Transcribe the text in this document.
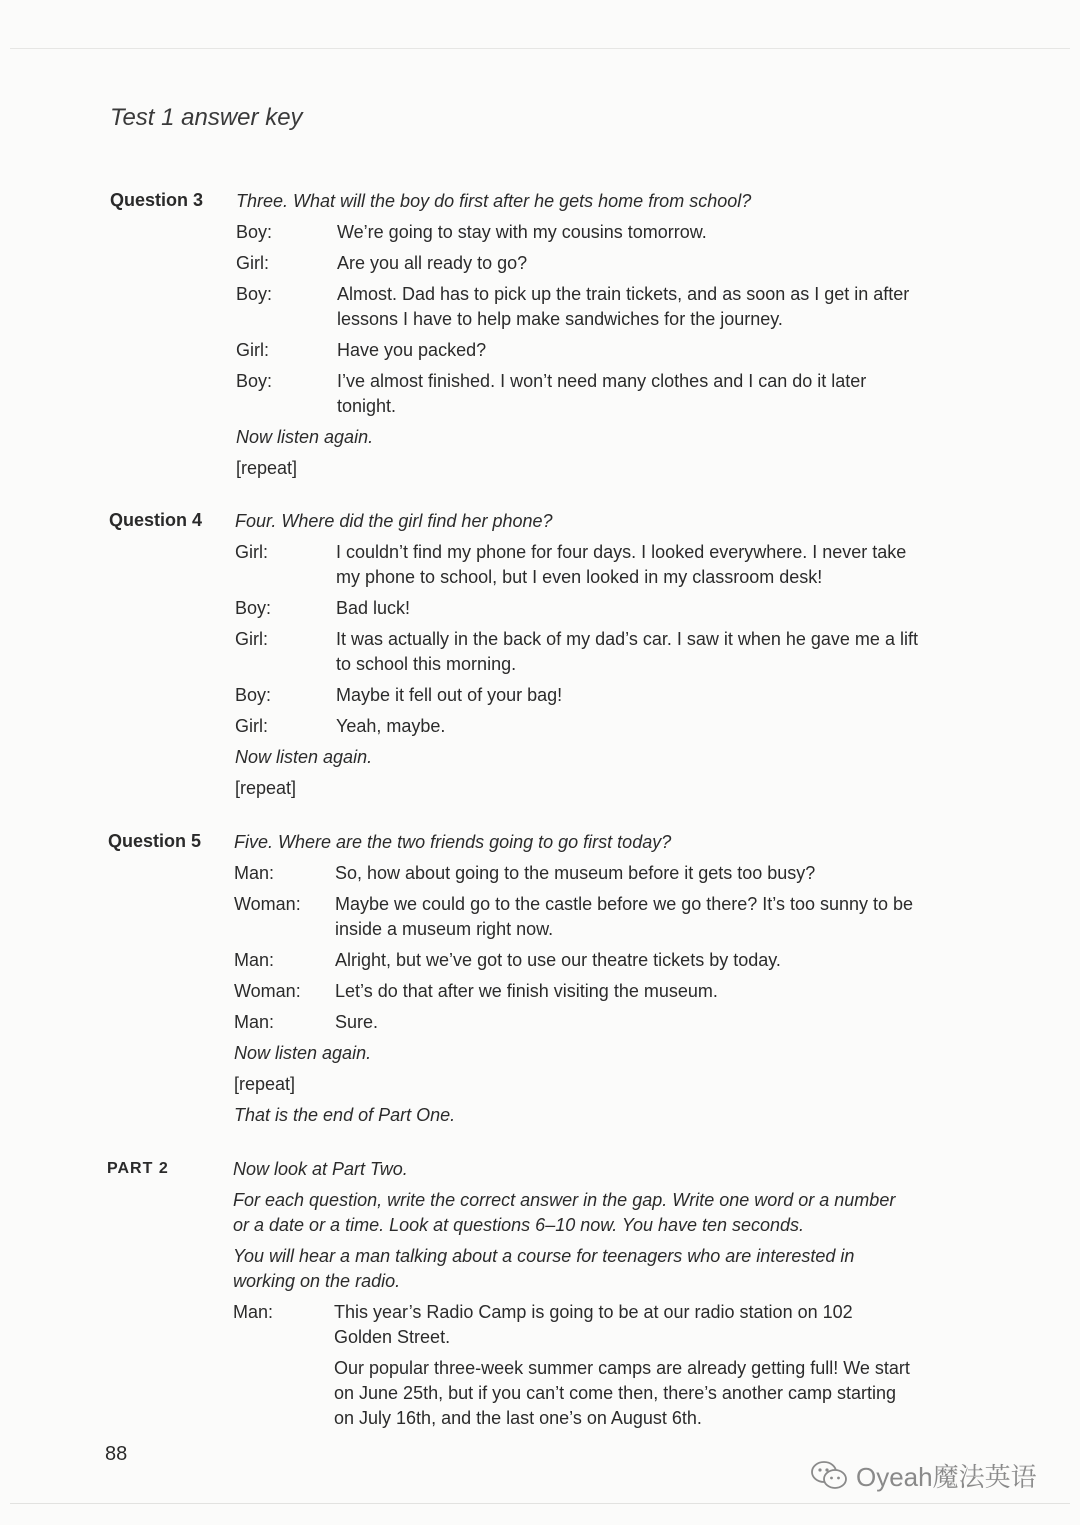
Test 1 answer key
Question 3 Three. What will the boy do first after he gets home from school?
Boy:	We’re going to stay with my cousins tomorrow.
Girl:	Are you all ready to go?
Boy:	Almost. Dad has to pick up the train tickets, and as soon as I get in after lessons I have to help make sandwiches for the journey.
Girl:	Have you packed?
Boy:	I’ve almost finished. I won’t need many clothes and I can do it later tonight.
Now listen again.
[repeat]
Question 4 Four. Where did the girl find her phone?
Girl:	I couldn’t find my phone for four days. I looked everywhere. I never take my phone to school, but I even looked in my classroom desk!
Boy:	Bad luck!
Girl:	It was actually in the back of my dad’s car. I saw it when he gave me a lift to school this morning.
Boy:	Maybe it fell out of your bag!
Girl:	Yeah, maybe.
Now listen again.
[repeat]
Question 5 Five. Where are the two friends going to go first today?
Man:	So, how about going to the museum before it gets too busy?
Woman:	Maybe we could go to the castle before we go there? It’s too sunny to be inside a museum right now.
Man:	Alright, but we’ve got to use our theatre tickets by today.
Woman:	Let’s do that after we finish visiting the museum.
Man:	Sure.
Now listen again.
[repeat]
That is the end of Part One.
PART 2	Now look at Part Two.
For each question, write the correct answer in the gap. Write one word or a number or a date or a time. Look at questions 6–10 now. You have ten seconds.
You will hear a man talking about a course for teenagers who are interested in working on the radio.
Man:	This year’s Radio Camp is going to be at our radio station on 102 Golden Street.
Our popular three-week summer camps are already getting full! We start on June 25th, but if you can’t come then, there’s another camp starting on July 16th, and the last one’s on August 6th.
88
Oyeah魔法英语
